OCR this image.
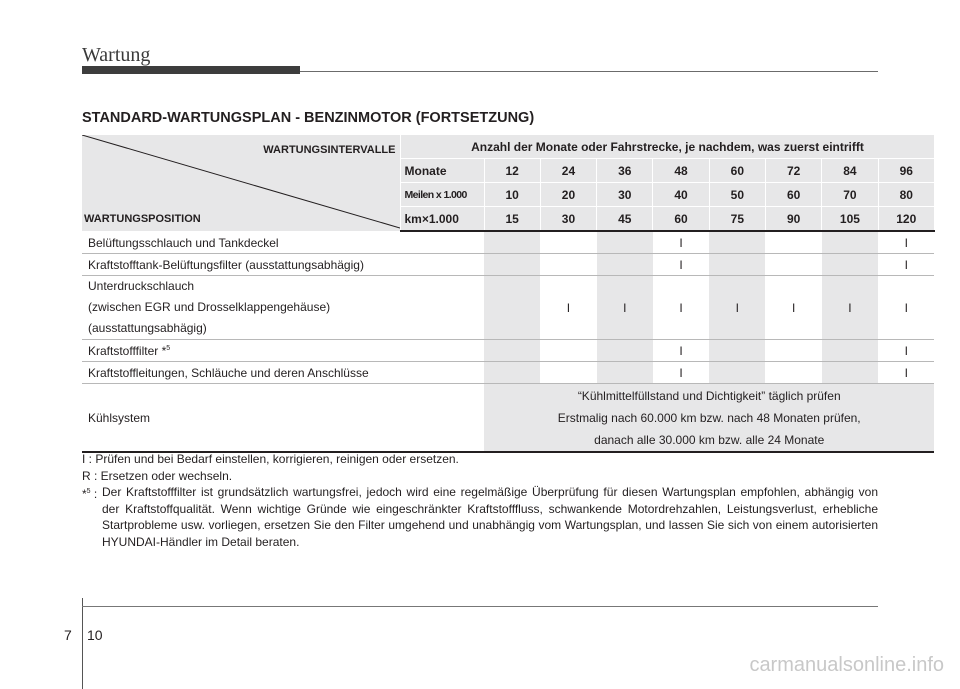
Wartung
STANDARD-WARTUNGSPLAN - BENZINMOTOR (FORTSETZUNG)
WARTUNGSINTERVALLE
WARTUNGSPOSITION	Anzahl der Monate oder Fahrstrecke, je nachdem, was zuerst eintrifft								
	Monate	12	24	36	48	60	72	84	96
	Meilen x 1.000	10	20	30	40	50	60	70	80
	km×1.000	15	30	45	60	75	90	105	120
Belüftungsschlauch und Tankdeckel					I				I
Kraftstofftank-Belüftungsfilter (ausstattungsabhägig)					I				I

Unterdruckschlauch
(zwischen EGR und Drosselklappengehäuse)
(ausstattungsabhägig)			I	I	I	I	I	I	I
Kraftstofffilter *$^5$					I				I
Kraftstoffleitungen, Schläuche und deren Anschlüsse					I				I
Kühlsystem		“Kühlmittelfüllstand und Dichtigkeit” täglich prüfen
Erstmalig nach 60.000 km bzw. nach 48 Monaten prüfen,
danach alle 30.000 km bzw. alle 24 Monate							

I : Prüfen und bei Bedarf einstellen, korrigieren, reinigen oder ersetzen.

R : Ersetzen oder wechseln.

*$^5$ : Der Kraftstofffilter ist grundsätzlich wartungsfrei, jedoch wird eine regelmäßige Überprüfung für diesen Wartungsplan empfohlen, abhängig von der Kraftstoffqualität. Wenn wichtige Gründe wie eingeschränkter Kraftstofffluss, schwankende Motordrehzahlen, Leistungsverlust, erhebliche Startprobleme usw. vorliegen, ersetzen Sie den Filter umgehend und unabhängig vom Wartungsplan, und lassen Sie sich von einem autorisierten HYUNDAI-Händler im Detail beraten.
7 10
carmanualsonline.info
